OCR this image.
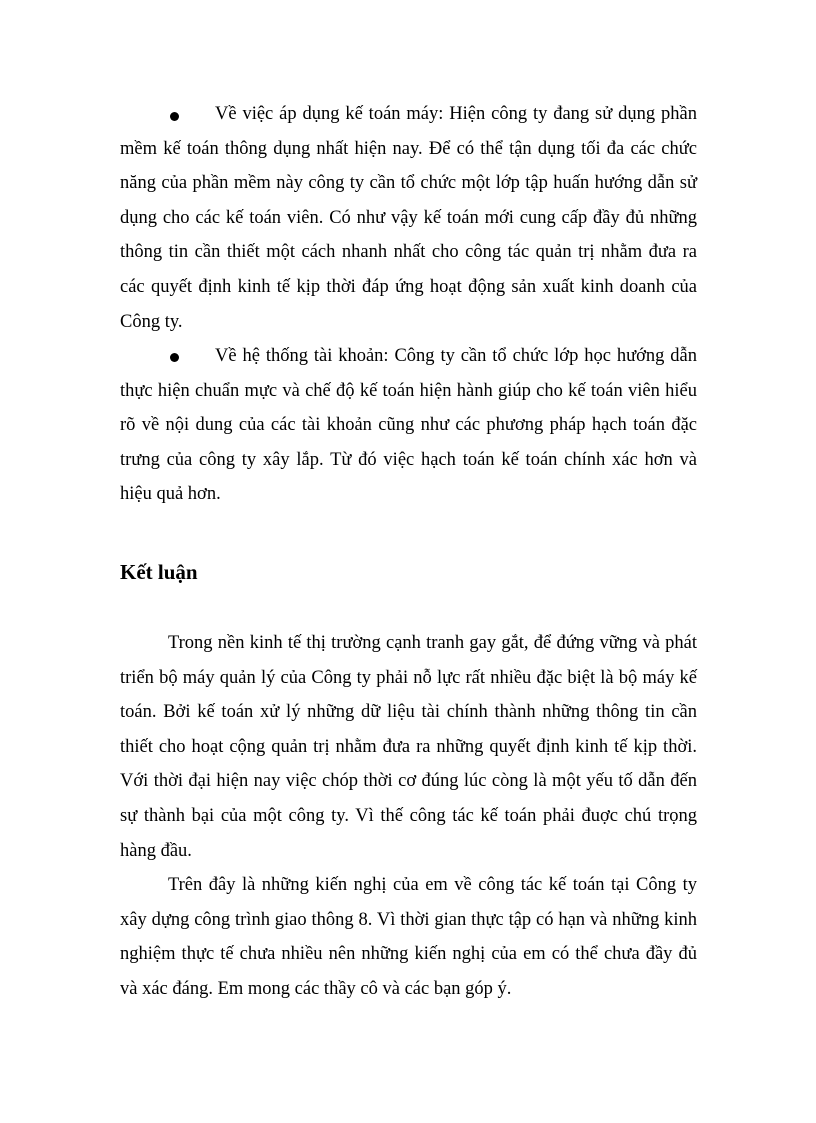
Về việc áp dụng kế toán máy: Hiện công ty đang sử dụng phần mềm kế toán thông dụng nhất hiện nay. Để có thể tận dụng tối đa các chức năng của phần mềm này công ty cần tổ chức một lớp tập huấn hướng dẫn sử dụng cho các kế toán viên. Có như vậy kế toán mới cung cấp đầy đủ những thông tin cần thiết một cách nhanh nhất cho công tác quản trị nhằm đưa ra các quyết định kinh tế kịp thời đáp ứng hoạt động sản xuất kinh doanh của Công ty.

Về hệ thống tài khoản: Công ty cần tổ chức lớp học hướng dẫn thực hiện chuẩn mực và chế độ kế toán hiện hành giúp cho kế toán viên hiểu rõ về nội dung của các tài khoản cũng như các phương pháp hạch toán đặc trưng của công ty xây lắp. Từ đó việc hạch toán kế toán chính xác hơn và hiệu quả hơn.

Kết luận

Trong nền kinh tế thị trường cạnh tranh gay gắt, để đứng vững và phát triển bộ máy quản lý của Công ty phải nỗ lực rất nhiều đặc biệt là bộ máy kế toán. Bởi kế toán xử lý những dữ liệu tài chính thành những thông tin cần thiết cho hoạt cộng quản trị nhằm đưa ra những quyết định kinh tế kịp thời. Với thời đại hiện nay việc chóp thời cơ đúng lúc còng là một yếu tố dẫn đến sự thành bại của một công ty. Vì thế công tác kế toán phải đuợc chú trọng hàng đầu.

Trên đây là những kiến nghị của em về công tác kế toán tại Công ty xây dựng công trình giao thông 8. Vì thời gian thực tập có hạn và những kinh nghiệm thực tế chưa nhiều nên những kiến nghị của em có thể chưa đầy đủ và xác đáng. Em mong các thầy cô và các bạn góp ý.
